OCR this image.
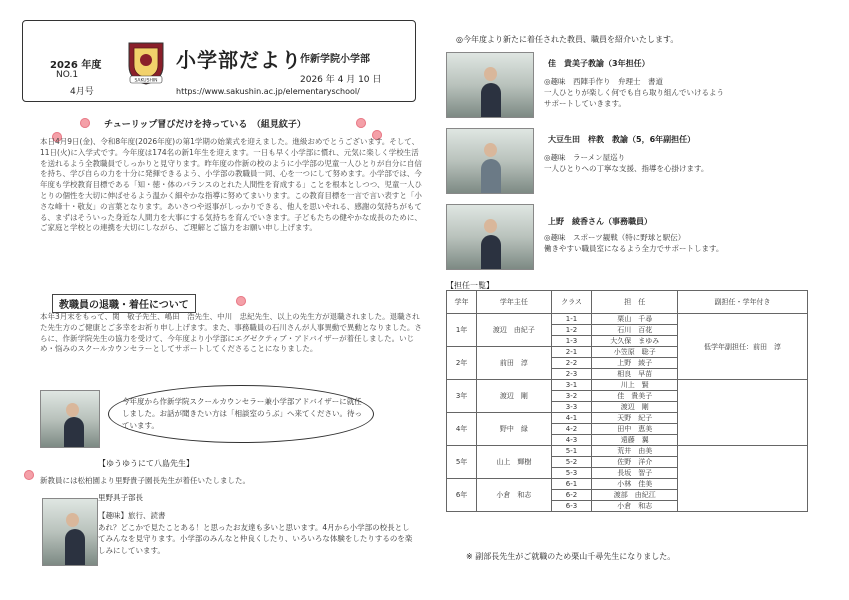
SAKUSHIN
2026 年度
NO.1
4月号
小学部だより
作新学院小学部
2026 年 4 月 10 日
https://www.sakushin.ac.jp/elementaryschool/
チューリップ冒びだけを持っている　（組見紋子）
本日4月9日(金)、令和8年度(2026年度)の第1学期の始業式を迎えました。進級おめでとうございます。そして、11日(火)に入学式です。今年度は174名の新1年生を迎えます。一日も早く小学部に慣れ、元気に楽しく学校生活を送れるよう全教職員でしっかりと見守ります。昨年度の作新の校のように小学部の児童一人ひとりが自分に自信を持ち、学び自らの力を十分に発揮できるよう、小学部の教職員一同、心を一つにして努めます。小学部では、今年度も学校教育目標である「知・徳・体のバランスのとれた人間性を育成する」ことを根本としつつ、児童一人ひとりの個性を大切に伸ばせるよう温かく細やかな指導に努めてまいります。この教育目標を一言で言い表すと「小さな峰十・敬友」の言葉となります。あいさつや返事がしっかりできる、他人を思いやれる、感謝の気持ちがもてる、まずはそういった身近な人間力を大事にする気持ちを育んでいきます。子どもたちの健やかな成長のために、ご家庭と学校との連携を大切にしながら、ご理解とご協力をお願い申し上げます。
教職員の退職・着任について
本年3月末をもって、関　敬子先生、嶋田　浩先生、中川　忠紀先生、以上の先生方が退職されました。退職された先生方のご健康とご多幸をお祈り申し上げます。また、事務職員の石川さんが人事異動で異動となりました。さらに、作新学院先生の協力を受けて、今年度より小学部にエグゼクティブ・アドバイザーが着任しました。いじめ・悩みのスクールカウンセラーとしてサポートしてくださることになりました。
今年度から作新学院スクールカウンセラー兼小学部アドバイザーに就任しました。お話が聞きたい方は「相談室のうぶ」へ来てください。待っています。
【ゆうゆうにて八島先生】
新教員には松柏園より里野貴子園長先生が着任いたしました。
里野具子部長
【趣味】旅行、読書
あれ？どこかで見たことある！と思ったお友達も多いと思います。4月から小学部の校長としてみんなを見守ります。小学部のみんなと仲良くしたり、いろいろな体験をしたりするのを楽しみにしています。
◎今年度より新たに着任された教員、職員を紹介いたします。
佳　貴美子教諭（3年担任）
◎趣味　西陣手作り　弁理士　書道
一人ひとりが楽しく何でも自ら取り組んでいけるよう
サポートしていきます。
大豆生田　梓教　教諭（5，6年副担任）
◎趣味　ラーメン屋巡り
一人ひとりへの丁寧な支援、指導を心掛けます。
上野　綾香さん（事務職員）
◎趣味　スポーツ観戦（特に野球と駅伝）
働きやすい職員室になるよう全力でサポートします。
【担任一覧】
学年	学年主任	クラス	担　任	副担任・学年付き
1年	渡辺　由紀子	1-1	栗山　千尋	低学年副担任：前田　淳
		1-2	石川　百花	
		1-3	大久保　まゆみ	
2年	前田　淳	2-1	小笠原　聡子	
		2-2	上野　綾子	
		2-3	相良　早苗	
3年	渡辺　剛	3-1	川上　賢	
		3-2	佳　貴美子	
		3-3	渡辺　剛	
4年	野中　緑	4-1	天野　紀子	
		4-2	田中　恵美	
		4-3	遠藤　翼	
5年	山上　輝樹	5-1	荒井　由美	
		5-2	佐野　洋介	
		5-3	長坂　智子	
6年	小倉　和志	6-1	小林　佳美	
		6-2	渡部　由紀江	
		6-3	小倉　和志	
※ 副部長先生がご就職のため栗山千尋先生になりました。
